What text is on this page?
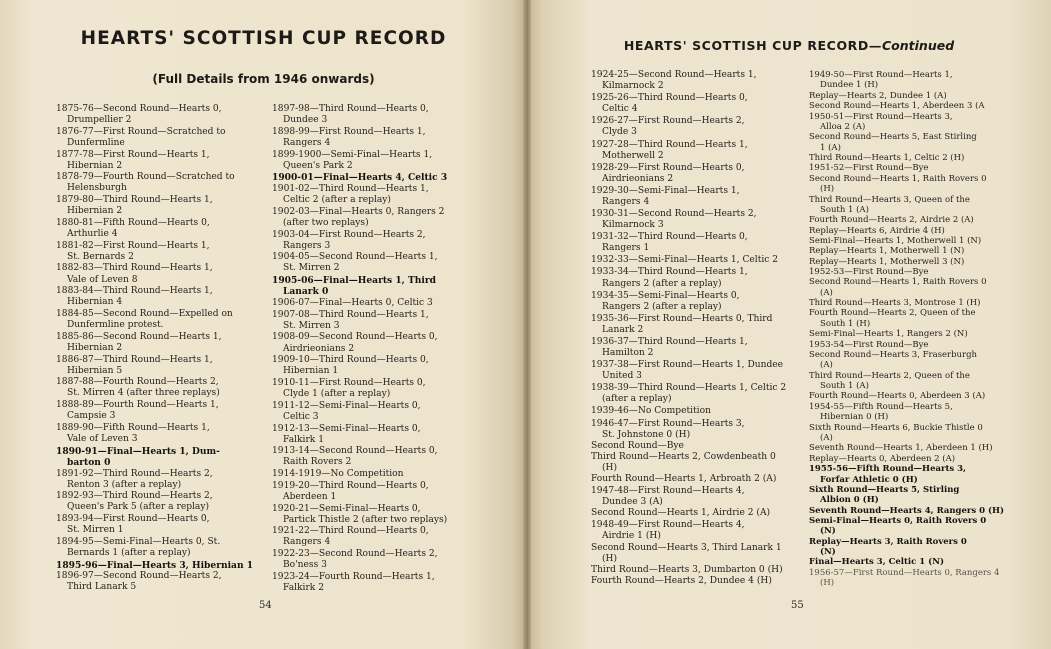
HEARTS' SCOTTISH CUP RECORD
(Full Details from 1946 onwards)
1875-76—Second Round—Hearts 0,
Drumpellier 2
1876-77—First Round—Scratched to
Dunfermline
1877-78—First Round—Hearts 1,
Hibernian 2
1878-79—Fourth Round—Scratched to
Helensburgh
1879-80—Third Round—Hearts 1,
Hibernian 2
1880-81—Fifth Round—Hearts 0,
Arthurlie 4
1881-82—First Round—Hearts 1,
St. Bernards 2
1882-83—Third Round—Hearts 1,
Vale of Leven 8
1883-84—Third Round—Hearts 1,
Hibernian 4
1884-85—Second Round—Expelled on
Dunfermline protest.
1885-86—Second Round—Hearts 1,
Hibernian 2
1886-87—Third Round—Hearts 1,
Hibernian 5
1887-88—Fourth Round—Hearts 2,
St. Mirren 4 (after three replays)
1888-89—Fourth Round—Hearts 1,
Campsie 3
1889-90—Fifth Round—Hearts 1,
Vale of Leven 3
1890-91—Final—Hearts 1, Dum-
barton 0
1891-92—Third Round—Hearts 2,
Renton 3 (after a replay)
1892-93—Third Round—Hearts 2,
Queen's Park 5 (after a replay)
1893-94—First Round—Hearts 0,
St. Mirren 1
1894-95—Semi-Final—Hearts 0, St.
Bernards 1 (after a replay)
1895-96—Final—Hearts 3, Hibernian 1
1896-97—Second Round—Hearts 2,
Third Lanark 5
1897-98—Third Round—Hearts 0,
Dundee 3
1898-99—First Round—Hearts 1,
Rangers 4
1899-1900—Semi-Final—Hearts 1,
Queen's Park 2
1900-01—Final—Hearts 4, Celtic 3
1901-02—Third Round—Hearts 1,
Celtic 2 (after a replay)
1902-03—Final—Hearts 0, Rangers 2
(after two replays)
1903-04—First Round—Hearts 2,
Rangers 3
1904-05—Second Round—Hearts 1,
St. Mirren 2
1905-06—Final—Hearts 1, Third
Lanark 0
1906-07—Final—Hearts 0, Celtic 3
1907-08—Third Round—Hearts 1,
St. Mirren 3
1908-09—Second Round—Hearts 0,
Airdrieonians 2
1909-10—Third Round—Hearts 0,
Hibernian 1
1910-11—First Round—Hearts 0,
Clyde 1 (after a replay)
1911-12—Semi-Final—Hearts 0,
Celtic 3
1912-13—Semi-Final—Hearts 0,
Falkirk 1
1913-14—Second Round—Hearts 0,
Raith Rovers 2
1914-1919—No Competition
1919-20—Third Round—Hearts 0,
Aberdeen 1
1920-21—Semi-Final—Hearts 0,
Partick Thistle 2 (after two replays)
1921-22—Third Round—Hearts 0,
Rangers 4
1922-23—Second Round—Hearts 2,
Bo'ness 3
1923-24—Fourth Round—Hearts 1,
Falkirk 2
54
HEARTS' SCOTTISH CUP RECORD—Continued
1924-25—Second Round—Hearts 1,
Kilmarnock 2
1925-26—Third Round—Hearts 0,
Celtic 4
1926-27—First Round—Hearts 2,
Clyde 3
1927-28—Third Round—Hearts 1,
Motherwell 2
1928-29—First Round—Hearts 0,
Airdrieonians 2
1929-30—Semi-Final—Hearts 1,
Rangers 4
1930-31—Second Round—Hearts 2,
Kilmarnock 3
1931-32—Third Round—Hearts 0,
Rangers 1
1932-33—Semi-Final—Hearts 1, Celtic 2
1933-34—Third Round—Hearts 1,
Rangers 2 (after a replay)
1934-35—Semi-Final—Hearts 0,
Rangers 2 (after a replay)
1935-36—First Round—Hearts 0, Third
Lanark 2
1936-37—Third Round—Hearts 1,
Hamilton 2
1937-38—First Round—Hearts 1, Dundee
United 3
1938-39—Third Round—Hearts 1, Celtic 2
(after a replay)
1939-46—No Competition
1946-47—First Round—Hearts 3,
St. Johnstone 0 (H)
Second Round—Bye
Third Round—Hearts 2, Cowdenbeath 0
(H)
Fourth Round—Hearts 1, Arbroath 2 (A)
1947-48—First Round—Hearts 4,
Dundee 3 (A)
Second Round—Hearts 1, Airdrie 2 (A)
1948-49—First Round—Hearts 4,
Airdrie 1 (H)
Second Round—Hearts 3, Third Lanark 1
(H)
Third Round—Hearts 3, Dumbarton 0 (H)
Fourth Round—Hearts 2, Dundee 4 (H)
1949-50—First Round—Hearts 1,
Dundee 1 (H)
Replay—Hearts 2, Dundee 1 (A)
Second Round—Hearts 1, Aberdeen 3 (A
1950-51—First Round—Hearts 3,
Alloa 2 (A)
Second Round—Hearts 5, East Stirling
1 (A)
Third Round—Hearts 1, Celtic 2 (H)
1951-52—First Round—Bye
Second Round—Hearts 1, Raith Rovers 0
(H)
Third Round—Hearts 3, Queen of the
South 1 (A)
Fourth Round—Hearts 2, Airdrie 2 (A)
Replay—Hearts 6, Airdrie 4 (H)
Semi-Final—Hearts 1, Motherwell 1 (N)
Replay—Hearts 1, Motherwell 1 (N)
Replay—Hearts 1, Motherwell 3 (N)
1952-53—First Round—Bye
Second Round—Hearts 1, Raith Rovers 0
(A)
Third Round—Hearts 3, Montrose 1 (H)
Fourth Round—Hearts 2, Queen of the
South 1 (H)
Semi-Final—Hearts 1, Rangers 2 (N)
1953-54—First Round—Bye
Second Round—Hearts 3, Fraserburgh
(A)
Third Round—Hearts 2, Queen of the
South 1 (A)
Fourth Round—Hearts 0, Aberdeen 3 (A)
1954-55—Fifth Round—Hearts 5,
Hibernian 0 (H)
Sixth Round—Hearts 6, Buckie Thistle 0
(A)
Seventh Round—Hearts 1, Aberdeen 1 (H)
Replay—Hearts 0, Aberdeen 2 (A)
1955-56—Fifth Round—Hearts 3,
Forfar Athletic 0 (H)
Sixth Round—Hearts 5, Stirling
Albion 0 (H)
Seventh Round—Hearts 4, Rangers 0 (H)
Semi-Final—Hearts 0, Raith Rovers 0
(N)
Replay—Hearts 3, Raith Rovers 0
(N)
Final—Hearts 3, Celtic 1 (N)
1956-57—First Round—Hearts 0, Rangers 4
(H)
55
